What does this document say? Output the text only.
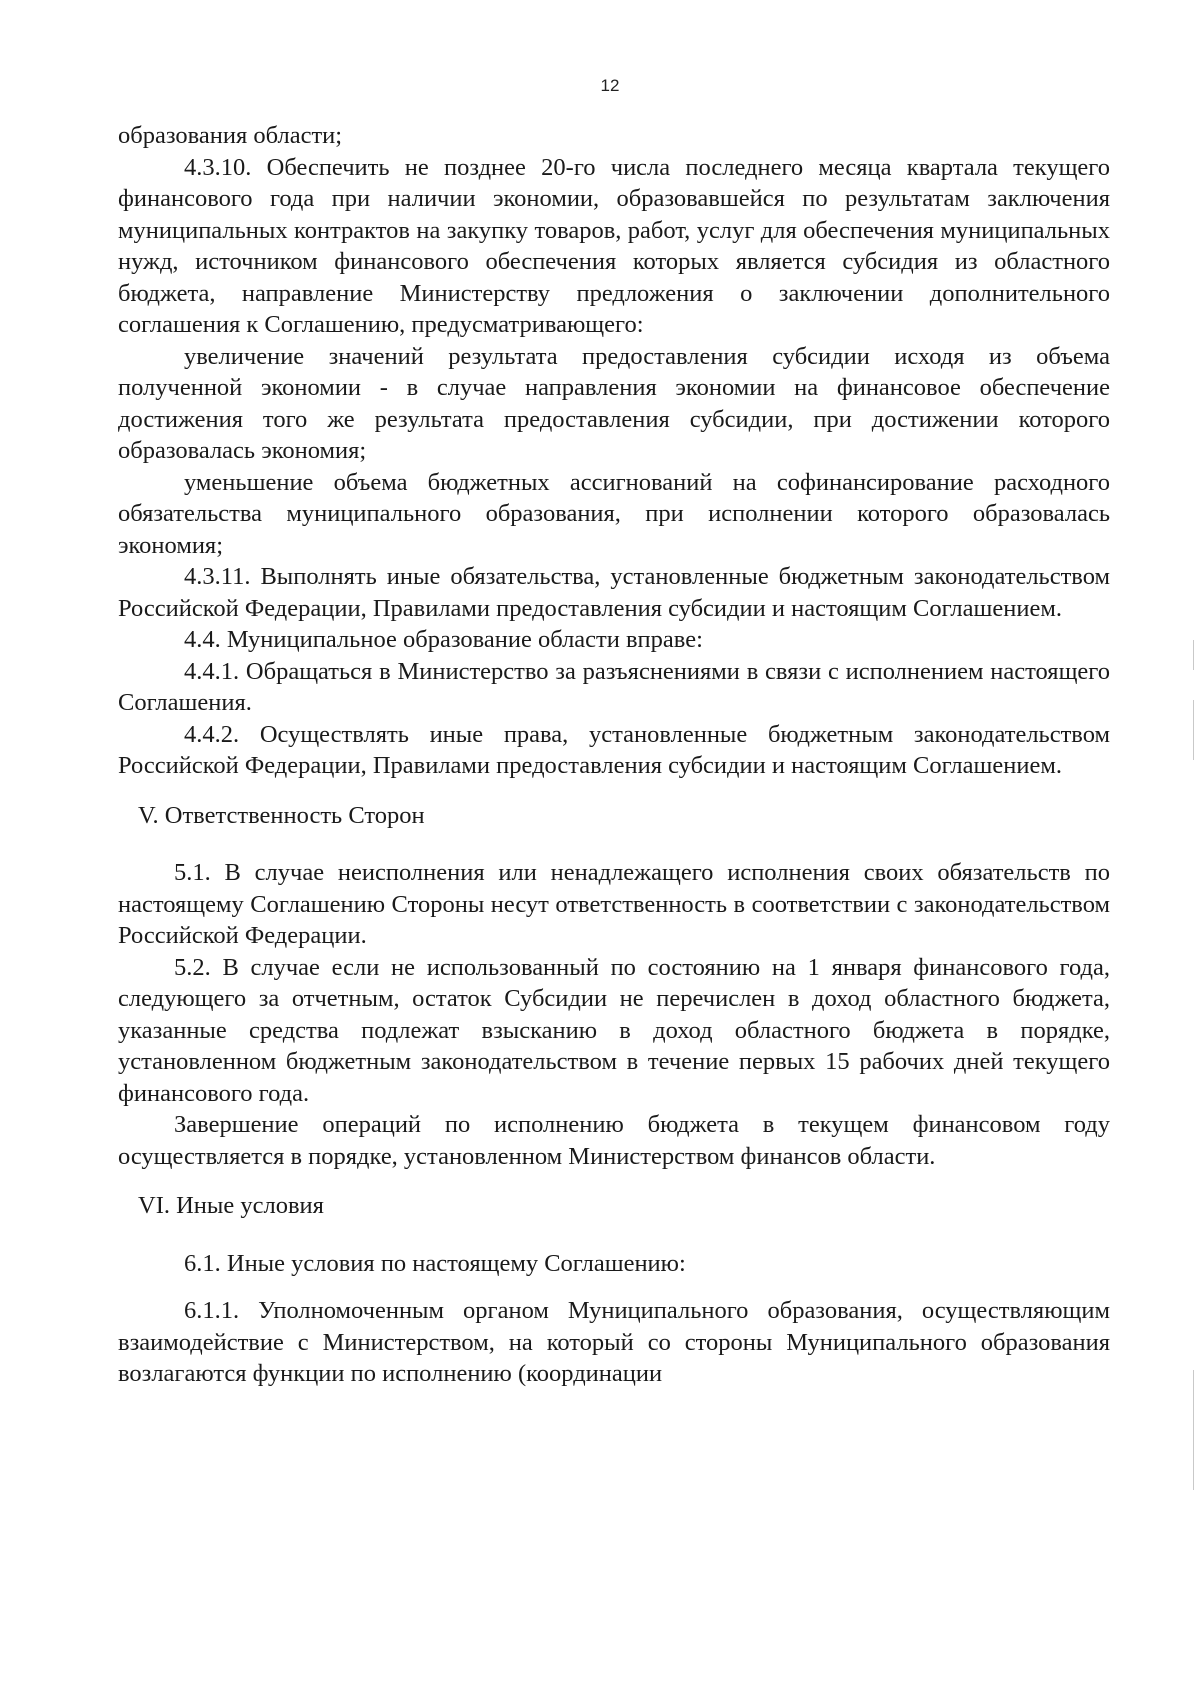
12

образования области;

4.3.10. Обеспечить не позднее 20-го числа последнего месяца квартала текущего финансового года при наличии экономии, образовавшейся по результатам заключения муниципальных контрактов на закупку товаров, работ, услуг для обеспечения муниципальных нужд, источником финансового обеспечения которых является субсидия из областного бюджета, направление Министерству предложения о заключении дополнительного соглашения к Соглашению, предусматривающего:

увеличение значений результата предоставления субсидии исходя из объема полученной экономии - в случае направления экономии на финансовое обеспечение достижения того же результата предоставления субсидии, при достижении которого образовалась экономия;

уменьшение объема бюджетных ассигнований на софинансирование расходного обязательства муниципального образования, при исполнении которого образовалась экономия;

4.3.11. Выполнять иные обязательства, установленные бюджетным законодательством Российской Федерации, Правилами предоставления субсидии и настоящим Соглашением.

4.4. Муниципальное образование области вправе:

4.4.1. Обращаться в Министерство за разъяснениями в связи с исполнением настоящего Соглашения.

4.4.2. Осуществлять иные права, установленные бюджетным законодательством Российской Федерации, Правилами предоставления субсидии и настоящим Соглашением.

V. Ответственность Сторон

5.1. В случае неисполнения или ненадлежащего исполнения своих обязательств по настоящему Соглашению Стороны несут ответственность в соответствии с законодательством Российской Федерации.

5.2. В случае если не использованный по состоянию на 1 января финансового года, следующего за отчетным, остаток Субсидии не перечислен в доход областного бюджета, указанные средства подлежат взысканию в доход областного бюджета в порядке, установленном бюджетным законодательством в течение первых 15 рабочих дней текущего финансового года.

Завершение операций по исполнению бюджета в текущем финансовом году осуществляется в порядке, установленном Министерством финансов области.

VI. Иные условия

6.1. Иные условия по настоящему Соглашению:

6.1.1. Уполномоченным органом Муниципального образования, осуществляющим взаимодействие с Министерством, на который со стороны Муниципального образования возлагаются функции по исполнению (координации
